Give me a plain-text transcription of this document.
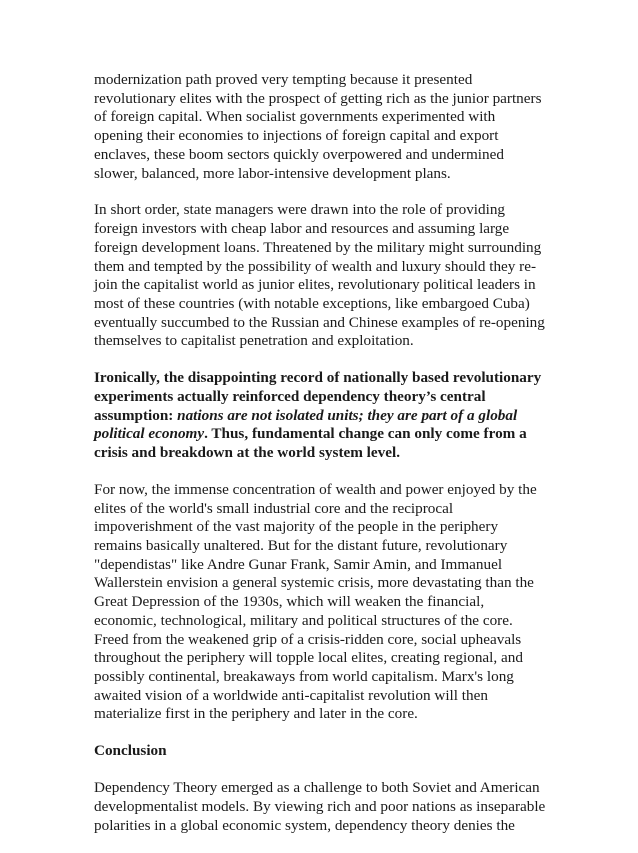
modernization path proved very tempting because it presented revolutionary elites with the prospect of getting rich as the junior partners of foreign capital. When socialist governments experimented with opening their economies to injections of foreign capital and export enclaves, these boom sectors quickly overpowered and undermined slower, balanced, more labor-intensive development plans.

In short order, state managers were drawn into the role of providing foreign investors with cheap labor and resources and assuming large foreign development loans. Threatened by the military might surrounding them and tempted by the possibility of wealth and luxury should they re-join the capitalist world as junior elites, revolutionary political leaders in most of these countries (with notable exceptions, like embargoed Cuba) eventually succumbed to the Russian and Chinese examples of re-opening themselves to capitalist penetration and exploitation.

Ironically, the disappointing record of nationally based revolutionary experiments actually reinforced dependency theory’s central assumption: nations are not isolated units; they are part of a global political economy. Thus, fundamental change can only come from a crisis and breakdown at the world system level.

For now, the immense concentration of wealth and power enjoyed by the elites of the world's small industrial core and the reciprocal impoverishment of the vast majority of the people in the periphery remains basically unaltered. But for the distant future, revolutionary "dependistas" like Andre Gunar Frank, Samir Amin, and Immanuel Wallerstein envision a general systemic crisis, more devastating than the Great Depression of the 1930s, which will weaken the financial, economic, technological, military and political structures of the core. Freed from the weakened grip of a crisis-ridden core, social upheavals throughout the periphery will topple local elites, creating regional, and possibly continental, breakaways from world capitalism. Marx's long awaited vision of a worldwide anti-capitalist revolution will then materialize first in the periphery and later in the core.

Conclusion

Dependency Theory emerged as a challenge to both Soviet and American developmentalist models. By viewing rich and poor nations as inseparable polarities in a global economic system, dependency theory denies the
